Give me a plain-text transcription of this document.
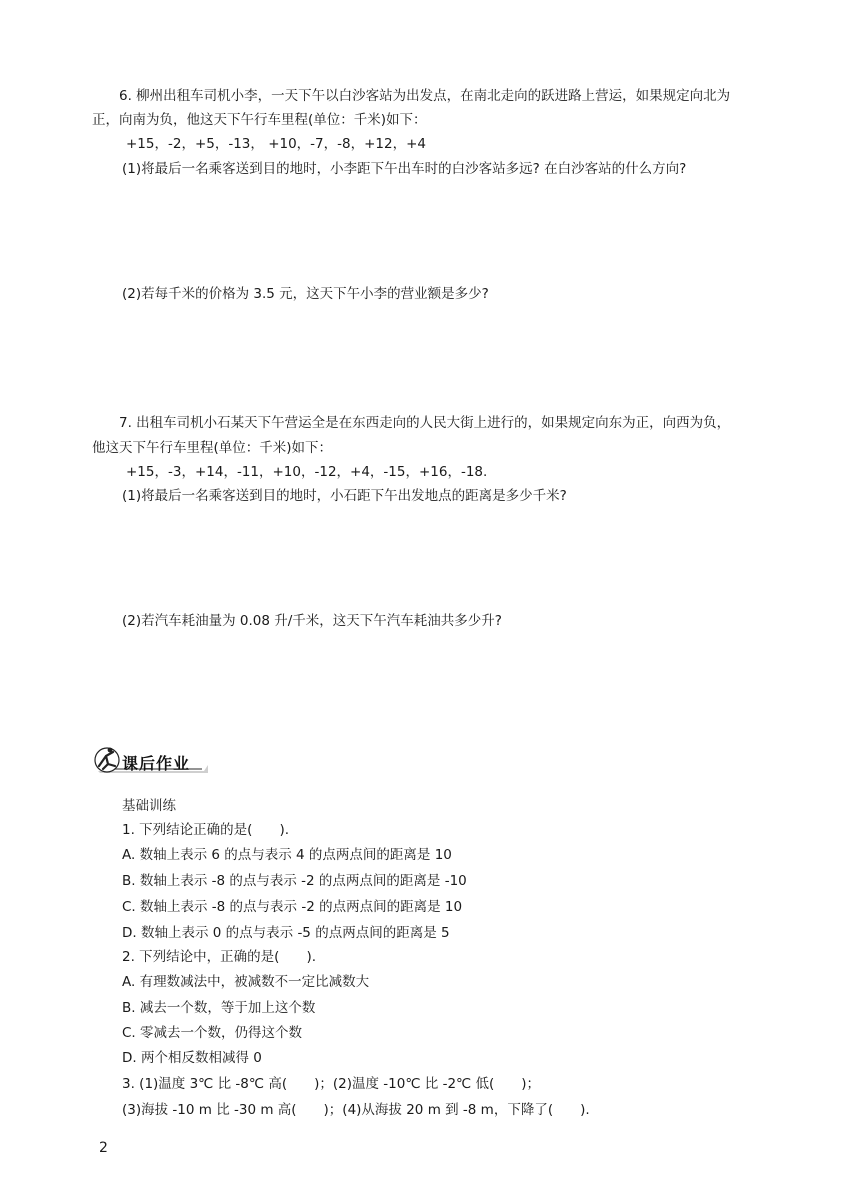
6. 柳州出租车司机小李，一天下午以白沙客站为出发点，在南北走向的跃进路上营运，如果规定向北为
正，向南为负，他这天下午行车里程(单位：千米)如下：
+15，-2，+5，-13， +10，-7，-8，+12，+4
(1)将最后一名乘客送到目的地时，小李距下午出车时的白沙客站多远? 在白沙客站的什么方向?
(2)若每千米的价格为 3.5 元，这天下午小李的营业额是多少?
7. 出租车司机小石某天下午营运全是在东西走向的人民大街上进行的，如果规定向东为正，向西为负，
他这天下午行车里程(单位：千米)如下：
+15，-3，+14，-11，+10，-12，+4，-15，+16，-18.
(1)将最后一名乘客送到目的地时，小石距下午出发地点的距离是多少千米?
(2)若汽车耗油量为 0.08 升/千米，这天下午汽车耗油共多少升?
课后作业
基础训练
1. 下列结论正确的是(　　).
A. 数轴上表示 6 的点与表示 4 的点两点间的距离是 10
B. 数轴上表示 -8 的点与表示 -2 的点两点间的距离是 -10
C. 数轴上表示 -8 的点与表示 -2 的点两点间的距离是 10
D. 数轴上表示 0 的点与表示 -5 的点两点间的距离是 5
2. 下列结论中，正确的是(　　).
A. 有理数减法中，被减数不一定比减数大
B. 减去一个数，等于加上这个数
C. 零减去一个数，仍得这个数
D. 两个相反数相减得 0
3. (1)温度 3℃ 比 -8℃ 高(　　)；(2)温度 -10℃ 比 -2℃ 低(　　)；
(3)海拔 -10 m 比 -30 m 高(　　)；(4)从海拔 20 m 到 -8 m，下降了(　　).
2
